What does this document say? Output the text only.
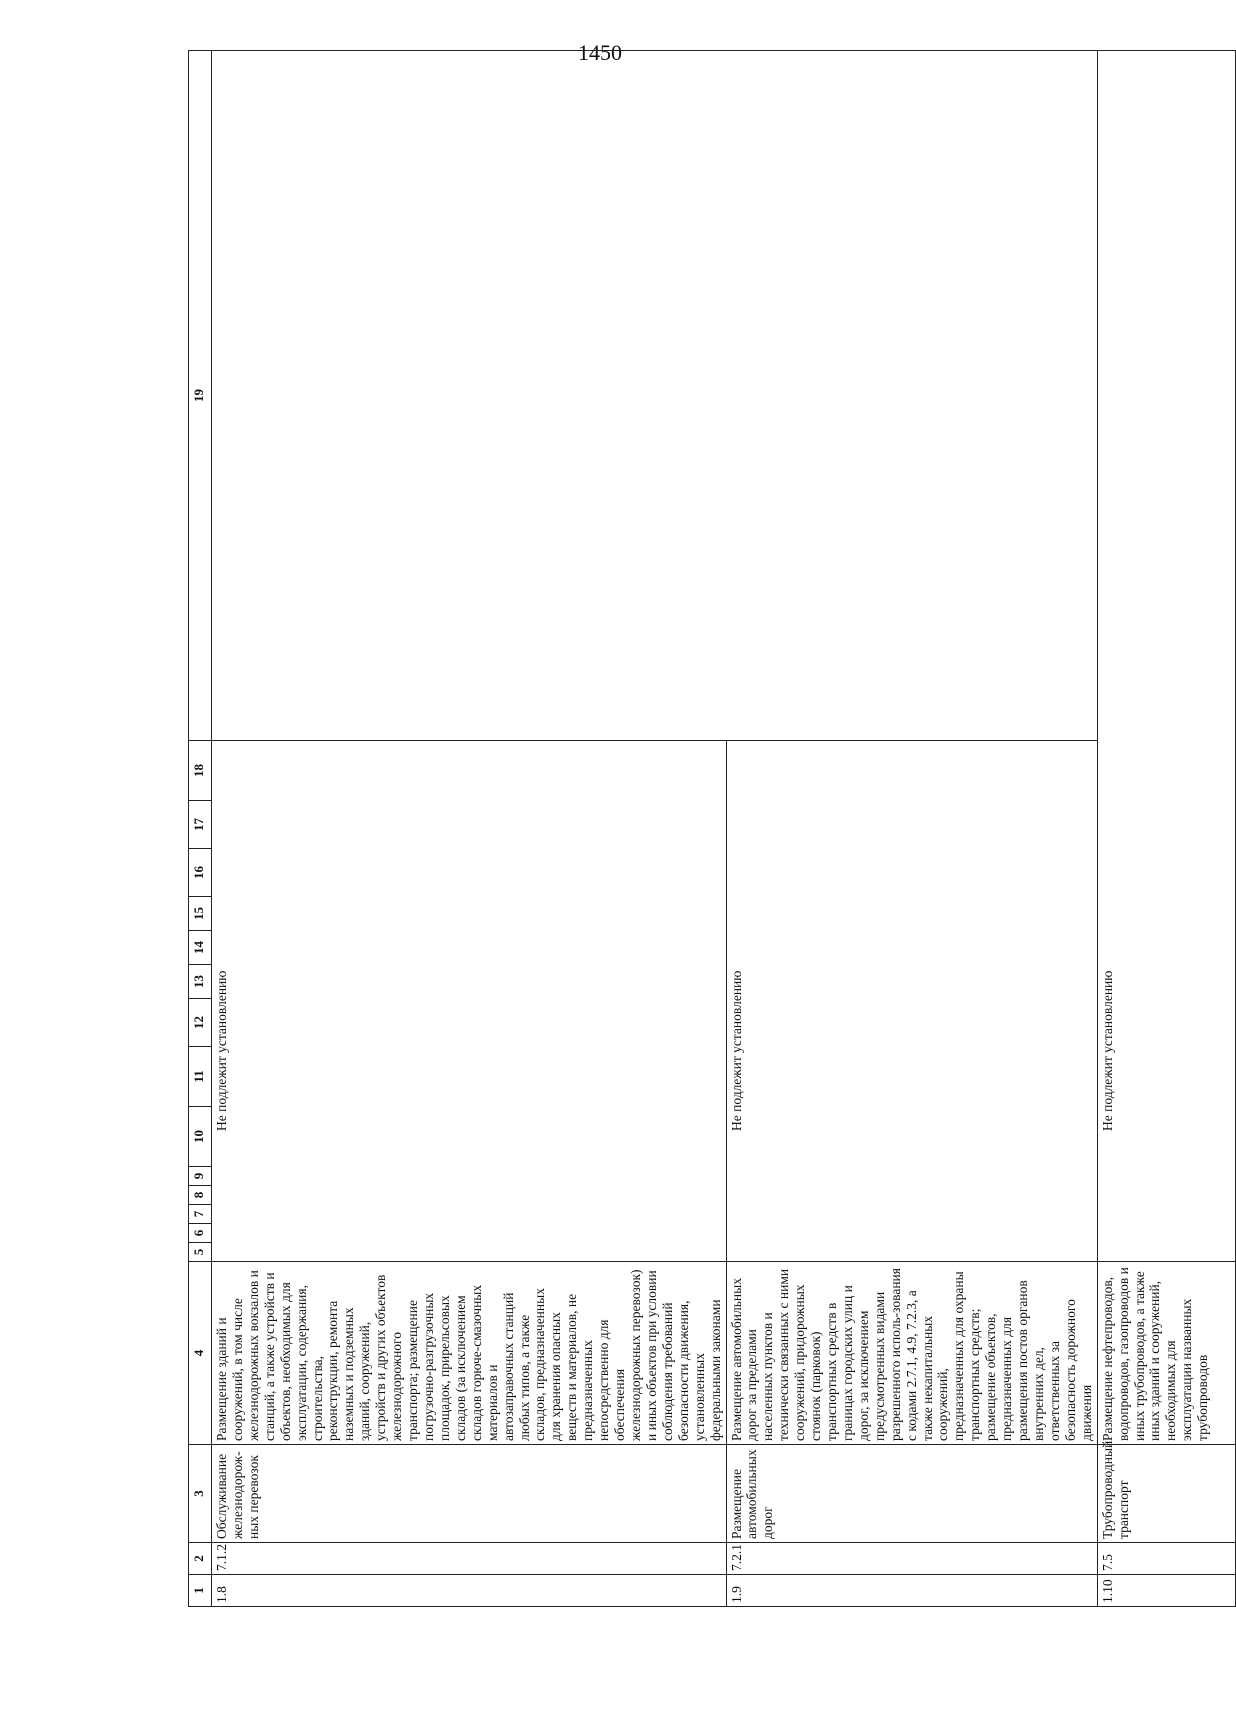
1450
1	2	3	4	5	6	7	8	9	10	11	12	13	14	15	16	17	18	19
1.8	7.1.2	Обслуживание железнодорож-ных перевозок	Размещение зданий и сооружений, в том числе железнодорожных вокзалов и станций, а также устройств и объектов, необходимых для эксплуатации, содержания, строительства, реконструкции, ремонта наземных и подземных зданий, сооружений, устройств и других объектов железнодорожного транспорта; размещение погрузочно-разгрузочных площадок, прирельсовых складов (за исключением складов горюче-смазочных материалов и автозаправочных станций любых типов, а также складов, предназначенных для хранения опасных веществ и материалов, не предназначенных непосредственно для обеспечения железнодорожных перевозок) и иных объектов при условии соблюдения требований безопасности движения, установленных федеральными законами	Не подлежит установлению														
1.9	7.2.1	Размещение автомобильных дорог	Размещение автомобильных дорог за пределами населенных пунктов и технически связанных с ними сооружений, придорожных стоянок (парковок) транспортных средств в границах городских улиц и дорог, за исключением предусмотренных видами разрешенного исполь-зования с кодами 2.7.1, 4.9, 7.2.3, а также некапитальных сооружений, предназначенных для охраны транспортных средств; размещение объектов, предназначенных для размещения постов органов внутренних дел, ответственных за безопасность дорожного движения	Не подлежит установлению														
1.10	7.5	Трубопроводный транспорт	Размещение нефтепроводов, водопроводов, газопроводов и иных трубопроводов, а также иных зданий и сооружений, необходимых для эксплуатации названных трубопроводов	Не подлежит установлению														
